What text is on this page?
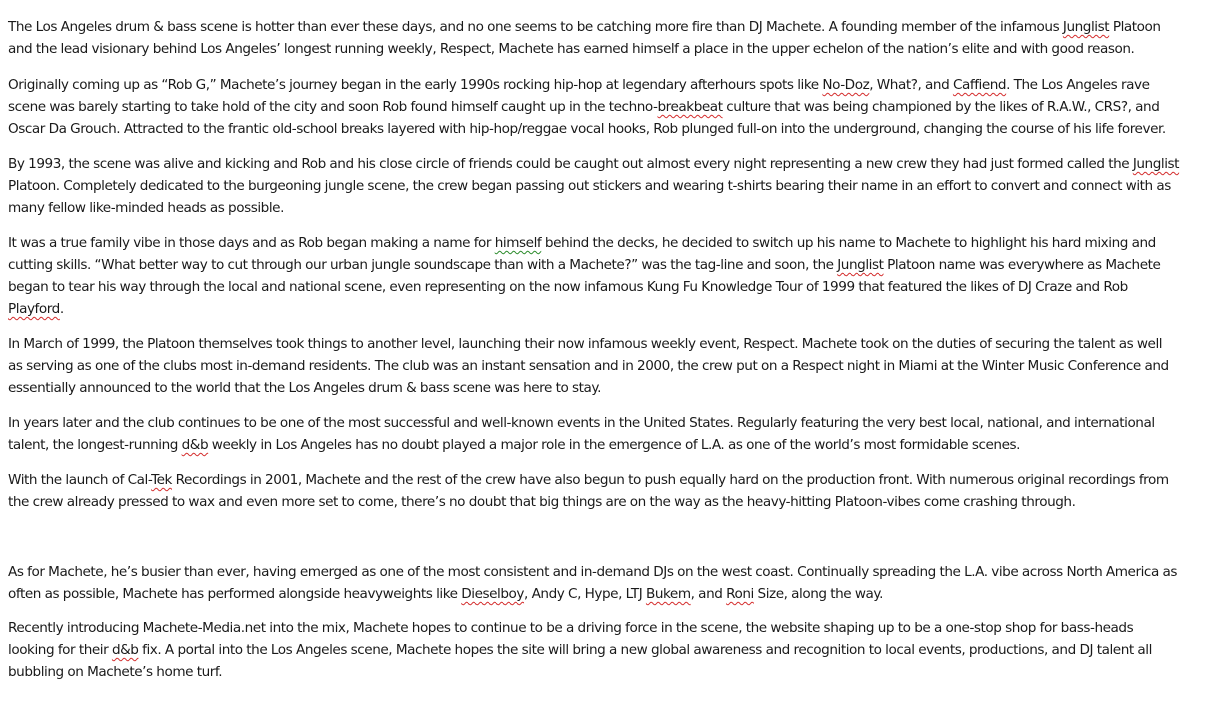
The Los Angeles drum & bass scene is hotter than ever these days, and no one seems to be catching more fire than DJ Machete. A founding member of the infamous Junglist Platoon
and the lead visionary behind Los Angeles’ longest running weekly, Respect, Machete has earned himself a place in the upper echelon of the nation’s elite and with good reason.

Originally coming up as “Rob G,” Machete’s journey began in the early 1990s rocking hip-hop at legendary afterhours spots like No-Doz, What?, and Caffiend. The Los Angeles rave
scene was barely starting to take hold of the city and soon Rob found himself caught up in the techno-breakbeat culture that was being championed by the likes of R.A.W., CRS?, and
Oscar Da Grouch. Attracted to the frantic old-school breaks layered with hip-hop/reggae vocal hooks, Rob plunged full-on into the underground, changing the course of his life forever.

By 1993, the scene was alive and kicking and Rob and his close circle of friends could be caught out almost every night representing a new crew they had just formed called the Junglist
Platoon. Completely dedicated to the burgeoning jungle scene, the crew began passing out stickers and wearing t-shirts bearing their name in an effort to convert and connect with as
many fellow like-minded heads as possible.

It was a true family vibe in those days and as Rob began making a name for himself behind the decks, he decided to switch up his name to Machete to highlight his hard mixing and
cutting skills. “What better way to cut through our urban jungle soundscape than with a Machete?” was the tag-line and soon, the Junglist Platoon name was everywhere as Machete
began to tear his way through the local and national scene, even representing on the now infamous Kung Fu Knowledge Tour of 1999 that featured the likes of DJ Craze and Rob
Playford.

In March of 1999, the Platoon themselves took things to another level, launching their now infamous weekly event, Respect. Machete took on the duties of securing the talent as well
as serving as one of the clubs most in-demand residents. The club was an instant sensation and in 2000, the crew put on a Respect night in Miami at the Winter Music Conference and
essentially announced to the world that the Los Angeles drum & bass scene was here to stay.

In years later and the club continues to be one of the most successful and well-known events in the United States. Regularly featuring the very best local, national, and international
talent, the longest-running d&b weekly in Los Angeles has no doubt played a major role in the emergence of L.A. as one of the world’s most formidable scenes.

With the launch of Cal-Tek Recordings in 2001, Machete and the rest of the crew have also begun to push equally hard on the production front. With numerous original recordings from
the crew already pressed to wax and even more set to come, there’s no doubt that big things are on the way as the heavy-hitting Platoon-vibes come crashing through.

As for Machete, he’s busier than ever, having emerged as one of the most consistent and in-demand DJs on the west coast. Continually spreading the L.A. vibe across North America as
often as possible, Machete has performed alongside heavyweights like Dieselboy, Andy C, Hype, LTJ Bukem, and Roni Size, along the way.

Recently introducing Machete-Media.net into the mix, Machete hopes to continue to be a driving force in the scene, the website shaping up to be a one-stop shop for bass-heads
looking for their d&b fix. A portal into the Los Angeles scene, Machete hopes the site will bring a new global awareness and recognition to local events, productions, and DJ talent all
bubbling on Machete’s home turf.
